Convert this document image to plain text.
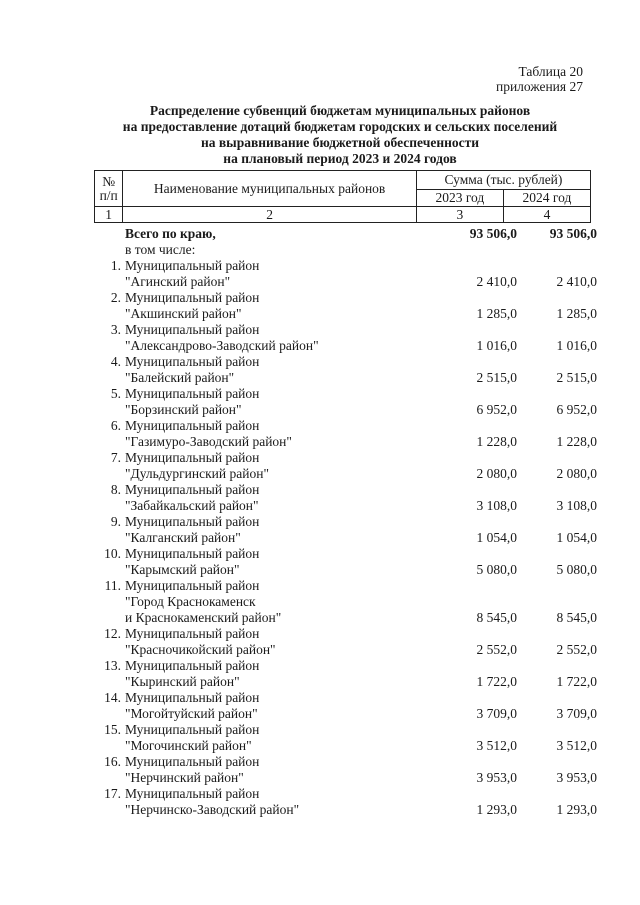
Таблица 20
приложения 27
Распределение субвенций бюджетам муниципальных районов
на предоставление дотаций бюджетам городских и сельских поселений
на выравнивание бюджетной обеспеченности
на плановый период 2023 и 2024 годов
№
п/п	Наименование муниципальных районов	Сумма (тыс. рублей)	
		2023 год	2024 год
1	2	3	4
Всего по краю,	93 506,0	93 506,0
в том числе:
1. Муниципальный район
"Агинский район"	2 410,0	2 410,0
2. Муниципальный район
"Акшинский район"	1 285,0	1 285,0
3. Муниципальный район
"Александрово-Заводский район"	1 016,0	1 016,0
4. Муниципальный район
"Балейский район"	2 515,0	2 515,0
5. Муниципальный район
"Борзинский район"	6 952,0	6 952,0
6. Муниципальный район
"Газимуро-Заводский район"	1 228,0	1 228,0
7. Муниципальный район
"Дульдургинский район"	2 080,0	2 080,0
8. Муниципальный район
"Забайкальский район"	3 108,0	3 108,0
9. Муниципальный район
"Калганский район"	1 054,0	1 054,0
10. Муниципальный район
"Карымский район"	5 080,0	5 080,0
11. Муниципальный район
"Город Краснокаменск
и Краснокаменский район"	8 545,0	8 545,0
12. Муниципальный район
"Красночикойский район"	2 552,0	2 552,0
13. Муниципальный район
"Кыринский район"	1 722,0	1 722,0
14. Муниципальный район
"Могойтуйский район"	3 709,0	3 709,0
15. Муниципальный район
"Могочинский район"	3 512,0	3 512,0
16. Муниципальный район
"Нерчинский район"	3 953,0	3 953,0
17. Муниципальный район
"Нерчинско-Заводский район"	1 293,0	1 293,0
